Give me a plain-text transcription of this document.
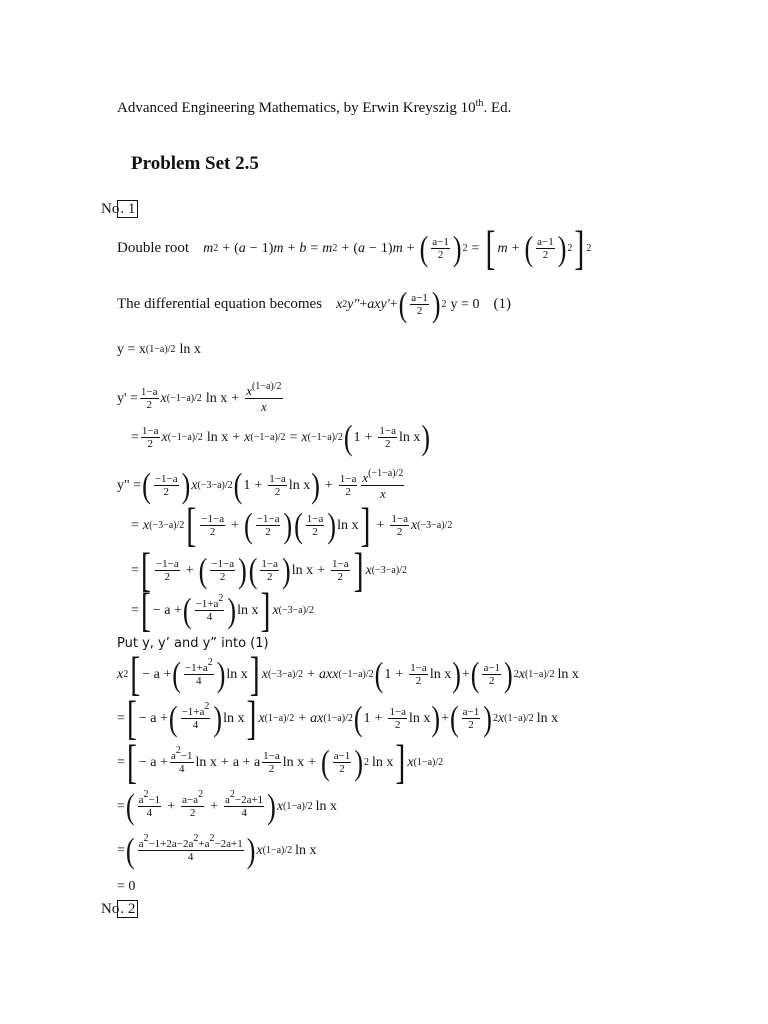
Advanced Engineering Mathematics, by Erwin Kreyszig 10th. Ed.
Problem Set 2.5
No. 1
Double root m 2 + ( a − 1 ) m + b = m 2 + ( a − 1 ) m + ( $\frac{a-1}{2}$ ) 2 = [ m + ( $\frac{a-1}{2}$ ) 2 ] 2
The differential equation becomes x 2 y" + axy' + ( $\frac{a-1}{2}$ ) 2 y = 0 (1)
y = x (1−a)/2 ln x
$y' = \frac{1-a}{2}$ x (−1−a)/2 $\ln x + \frac{x^{(1-a)/2}}{x}$
= $\frac{1-a}{2}$ x (−1−a)/2 ln x + x (−1−a)/2 = x (−1−a)/2 ( $1 + \frac{1-a}{2}$ ln x )
y" = ( $\frac{-1-a}{2}$ ) x (−3−a)/2 ( $1 + \frac{1-a}{2}$ ln x ) + $\frac{1-a}{2} \frac{x^{(-1-a)/2}}{x}$
= x (−3−a)/2 [ $\frac{-1-a}{2}$ + ( $\frac{-1-a}{2}$ ) ( $\frac{1-a}{2}$ ) ln x ] + $\frac{1-a}{2}$ x (−3−a)/2
= [ $\frac{-1-a}{2}$ + ( $\frac{-1-a}{2}$ ) ( $\frac{1-a}{2}$ ) $\ln x + \frac{1-a}{2}$ ] x (−3−a)/2
= [ − a + ( $\frac{-1+a^2}{4}$ ) ln x ] x (−3−a)/2
Put y, y’ and y” into (1)
x 2 [ − a + ( $\frac{-1+a^2}{4}$ ) ln x ] x (−3−a)/2 + axx (−1−a)/2 ( $1 + \frac{1-a}{2}$ ln x ) + ( $\frac{a-1}{2}$ ) 2 x (1−a)/2 ln x
= [ − a + ( $\frac{-1+a^2}{4}$ ) ln x ] x (1−a)/2 + ax (1−a)/2 ( $1 + \frac{1-a}{2}$ ln x ) + ( $\frac{a-1}{2}$ ) 2 x (1−a)/2 ln x
= [ − $a + \frac{a^2-1}{4}$ ln x + a + a $\frac{1-a}{2}$ ln x + ( $\frac{a-1}{2}$ ) 2 ln x ] x (1−a)/2
= ( $\frac{a^2-1}{4} + \frac{a-a^2}{2} + \frac{a^2-2a+1}{4}$ ) x (1−a)/2 ln x
= ( $\frac{a^2-1+2a-2a^2+a^2-2a+1}{4}$ ) x (1−a)/2 ln x
= 0
No. 2
